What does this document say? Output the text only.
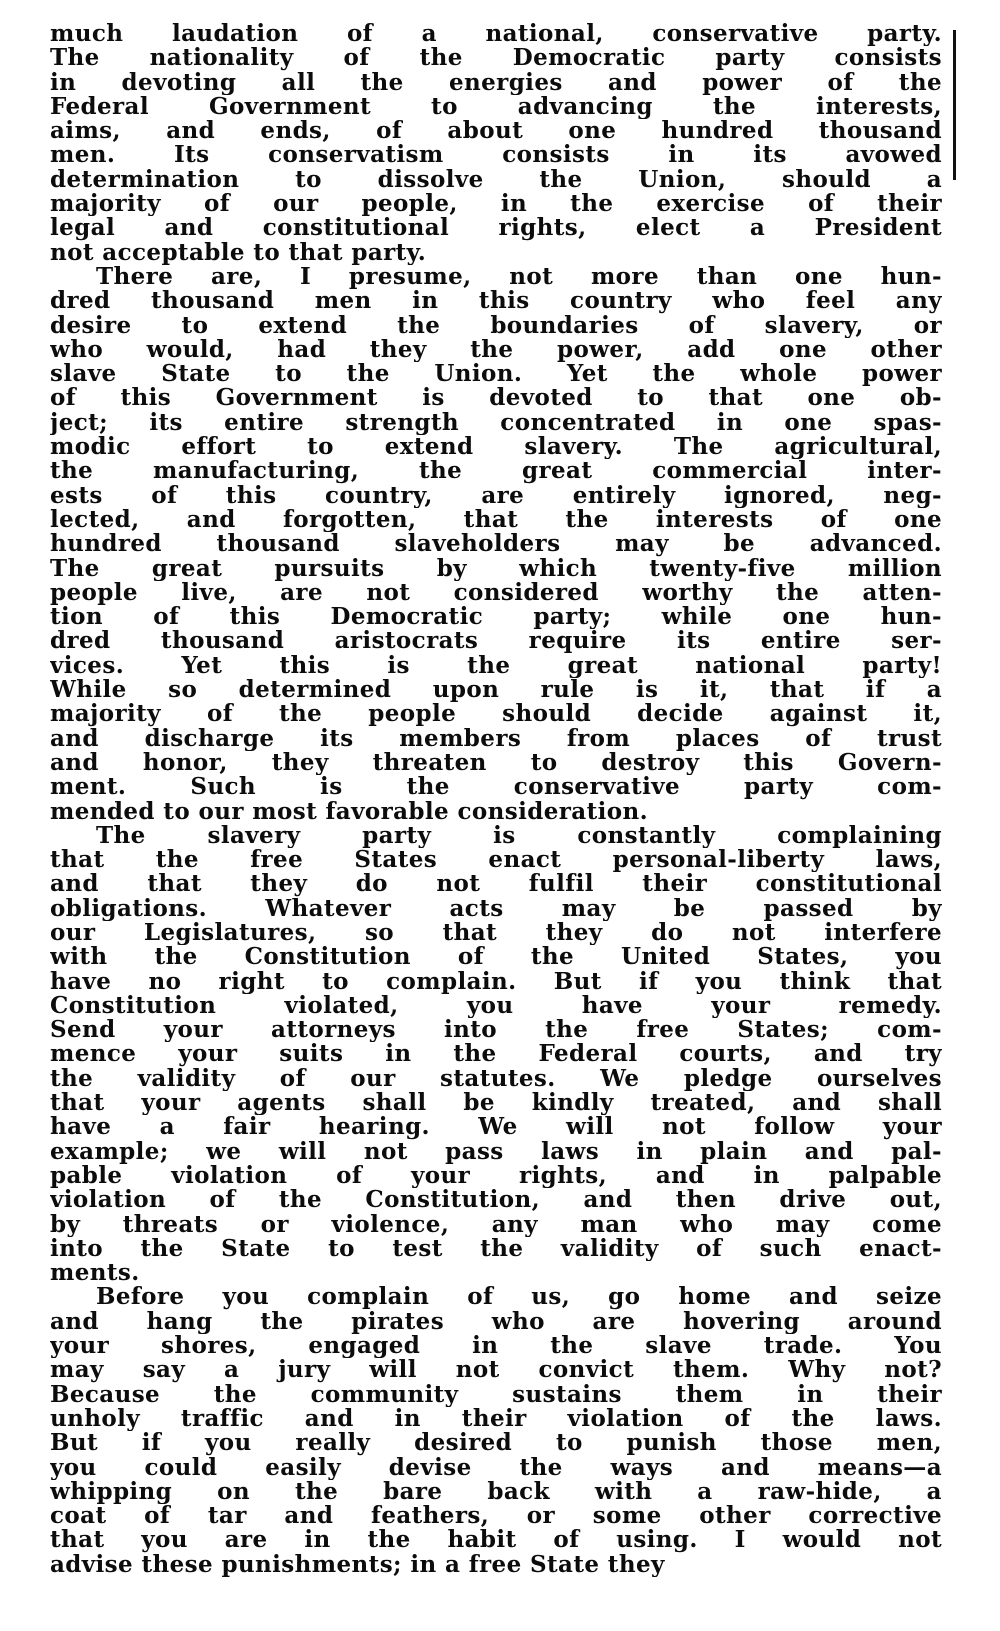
much laudation of a national, conservative party.
The nationality of the Democratic party consists
in devoting all the energies and power of the
Federal Government to advancing the interests,
aims, and ends, of about one hundred thousand
men. Its conservatism consists in its avowed
determination to dissolve the Union, should a
majority of our people, in the exercise of their
legal and constitutional rights, elect a President
not acceptable to that party.
There are, I presume, not more than one hun-
dred thousand men in this country who feel any
desire to extend the boundaries of slavery, or
who would, had they the power, add one other
slave State to the Union. Yet the whole power
of this Government is devoted to that one ob-
ject; its entire strength concentrated in one spas-
modic effort to extend slavery. The agricultural,
the manufacturing, the great commercial inter-
ests of this country, are entirely ignored, neg-
lected, and forgotten, that the interests of one
hundred thousand slaveholders may be advanced.
The great pursuits by which twenty-five million
people live, are not considered worthy the atten-
tion of this Democratic party; while one hun-
dred thousand aristocrats require its entire ser-
vices. Yet this is the great national party!
While so determined upon rule is it, that if a
majority of the people should decide against it,
and discharge its members from places of trust
and honor, they threaten to destroy this Govern-
ment. Such is the conservative party com-
mended to our most favorable consideration.
The slavery party is constantly complaining
that the free States enact personal-liberty laws,
and that they do not fulfil their constitutional
obligations. Whatever acts may be passed by
our Legislatures, so that they do not interfere
with the Constitution of the United States, you
have no right to complain. But if you think that
Constitution violated, you have your remedy.
Send your attorneys into the free States; com-
mence your suits in the Federal courts, and try
the validity of our statutes. We pledge ourselves
that your agents shall be kindly treated, and shall
have a fair hearing. We will not follow your
example; we will not pass laws in plain and pal-
pable violation of your rights, and in palpable
violation of the Constitution, and then drive out,
by threats or violence, any man who may come
into the State to test the validity of such enact-
ments.
Before you complain of us, go home and seize
and hang the pirates who are hovering around
your shores, engaged in the slave trade. You
may say a jury will not convict them. Why not?
Because the community sustains them in their
unholy traffic and in their violation of the laws.
But if you really desired to punish those men,
you could easily devise the ways and means—a
whipping on the bare back with a raw-hide, a
coat of tar and feathers, or some other corrective
that you are in the habit of using. I would not
advise these punishments; in a free State they
